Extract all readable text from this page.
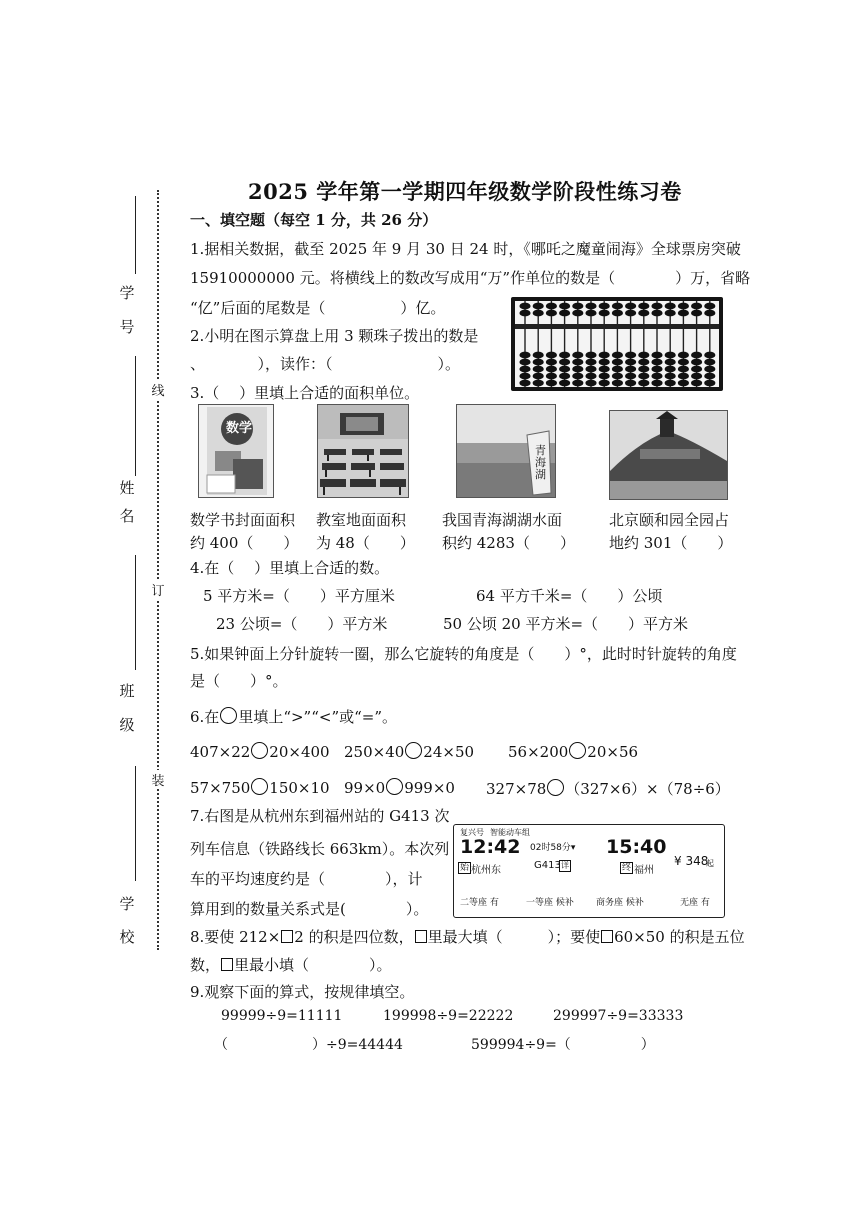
学
号
姓
名
班
级
学
校
线
订
装
2025 学年第一学期四年级数学阶段性练习卷
一、填空题（每空 1 分，共 26 分）
1.据相关数据，截至 2025 年 9 月 30 日 24 时，《哪吒之魔童闹海》全球票房突破
15910000000 元。将横线上的数改写成用“万”作单位的数是（　　　　）万，省略
“亿”后面的尾数是（　　　　　）亿。
2.小明在图示算盘上用 3 颗珠子拨出的数是
、　　　　），读作：（　　　　　　　）。
3.（　 ）里填上合适的面积单位。
数学
青海湖
数学书封面面积
约 400（　　）
教室地面面积
为 48（　　）
我国青海湖湖水面
积约 4283（　　）
北京颐和园全园占
地约 301（　　）
4.在（　 ）里填上合适的数。
5 平方米=（　　）平方厘米	64 平方千米=（　　）公顷
23 公顷=（　　）平方米	50 公顷 20 平方米=（　　）平方米
5.如果钟面上分针旋转一圈，那么它旋转的角度是（　　）°，此时时针旋转的角度
是（　　）°。
6.在 里填上“>”“<”或“=”。
407×22 20×400 250×40 24×50 56×200 20×56
57×750 150×10 99×0 999×0 327×78 （327×6）×（78÷6）
7.右图是从杭州东到福州站的 G413 次
列车信息（铁路线长 663km）。本次列
车的平均速度约是（　　　　），计
算用到的数量关系式是(　　　　）。
复兴号 智能动车组
12:42 02时58分▾ 15:40
始 杭州东	G413 详	终 福州
¥ 348
起
二等座 有	一等座 候补 商务座 候补	无座 有
8.要使 212× 2 的积是四位数， 里最大填（　　　）；要使 60×50 的积是五位
数， 里最小填（　　　　）。
9.观察下面的算式，按规律填空。
99999÷9=11111	199998÷9=22222	299997÷9=33333
（　　　　　　）÷9=44444	599994÷9=（　　　　　）
